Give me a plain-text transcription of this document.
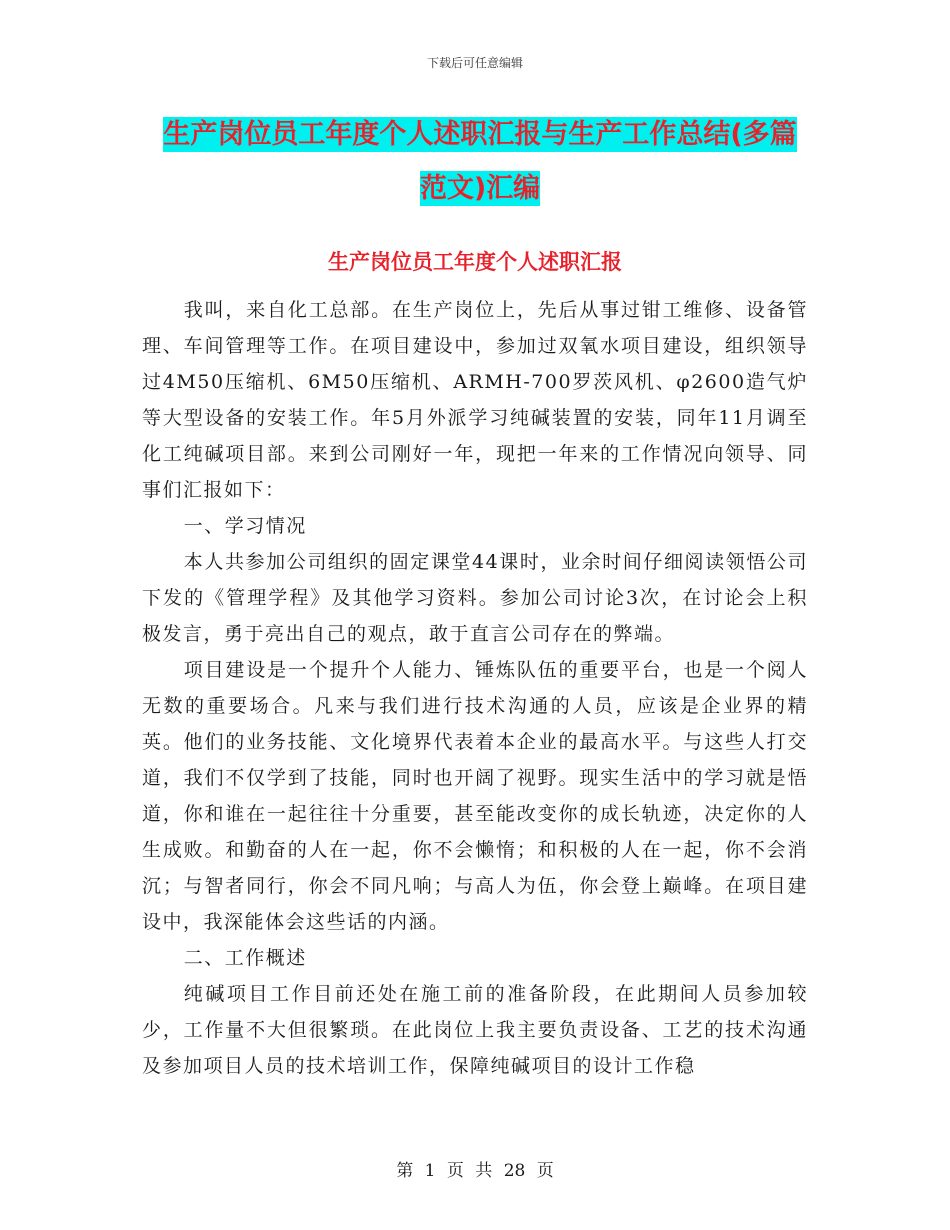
下载后可任意编辑
生产岗位员工年度个人述职汇报与生产工作总结(多篇
范文)汇编
生产岗位员工年度个人述职汇报

我叫，来自化工总部。在生产岗位上，先后从事过钳工维修、设备管理、车间管理等工作。在项目建设中，参加过双氧水项目建设，组织领导过4M50压缩机、6M50压缩机、ARMH-700罗茨风机、φ2600造气炉等大型设备的安装工作。年5月外派学习纯碱装置的安装，同年11月调至化工纯碱项目部。来到公司刚好一年，现把一年来的工作情况向领导、同事们汇报如下：

一、学习情况

本人共参加公司组织的固定课堂44课时，业余时间仔细阅读领悟公司下发的《管理学程》及其他学习资料。参加公司讨论3次，在讨论会上积极发言，勇于亮出自己的观点，敢于直言公司存在的弊端。

项目建设是一个提升个人能力、锤炼队伍的重要平台，也是一个阅人无数的重要场合。凡来与我们进行技术沟通的人员，应该是企业界的精英。他们的业务技能、文化境界代表着本企业的最高水平。与这些人打交道，我们不仅学到了技能，同时也开阔了视野。现实生活中的学习就是悟道，你和谁在一起往往十分重要，甚至能改变你的成长轨迹，决定你的人生成败。和勤奋的人在一起，你不会懒惰；和积极的人在一起，你不会消沉；与智者同行，你会不同凡响；与高人为伍，你会登上巅峰。在项目建设中，我深能体会这些话的内涵。

二、工作概述

纯碱项目工作目前还处在施工前的准备阶段，在此期间人员参加较少，工作量不大但很繁琐。在此岗位上我主要负责设备、工艺的技术沟通及参加项目人员的技术培训工作，保障纯碱项目的设计工作稳

第 1 页 共 28 页
